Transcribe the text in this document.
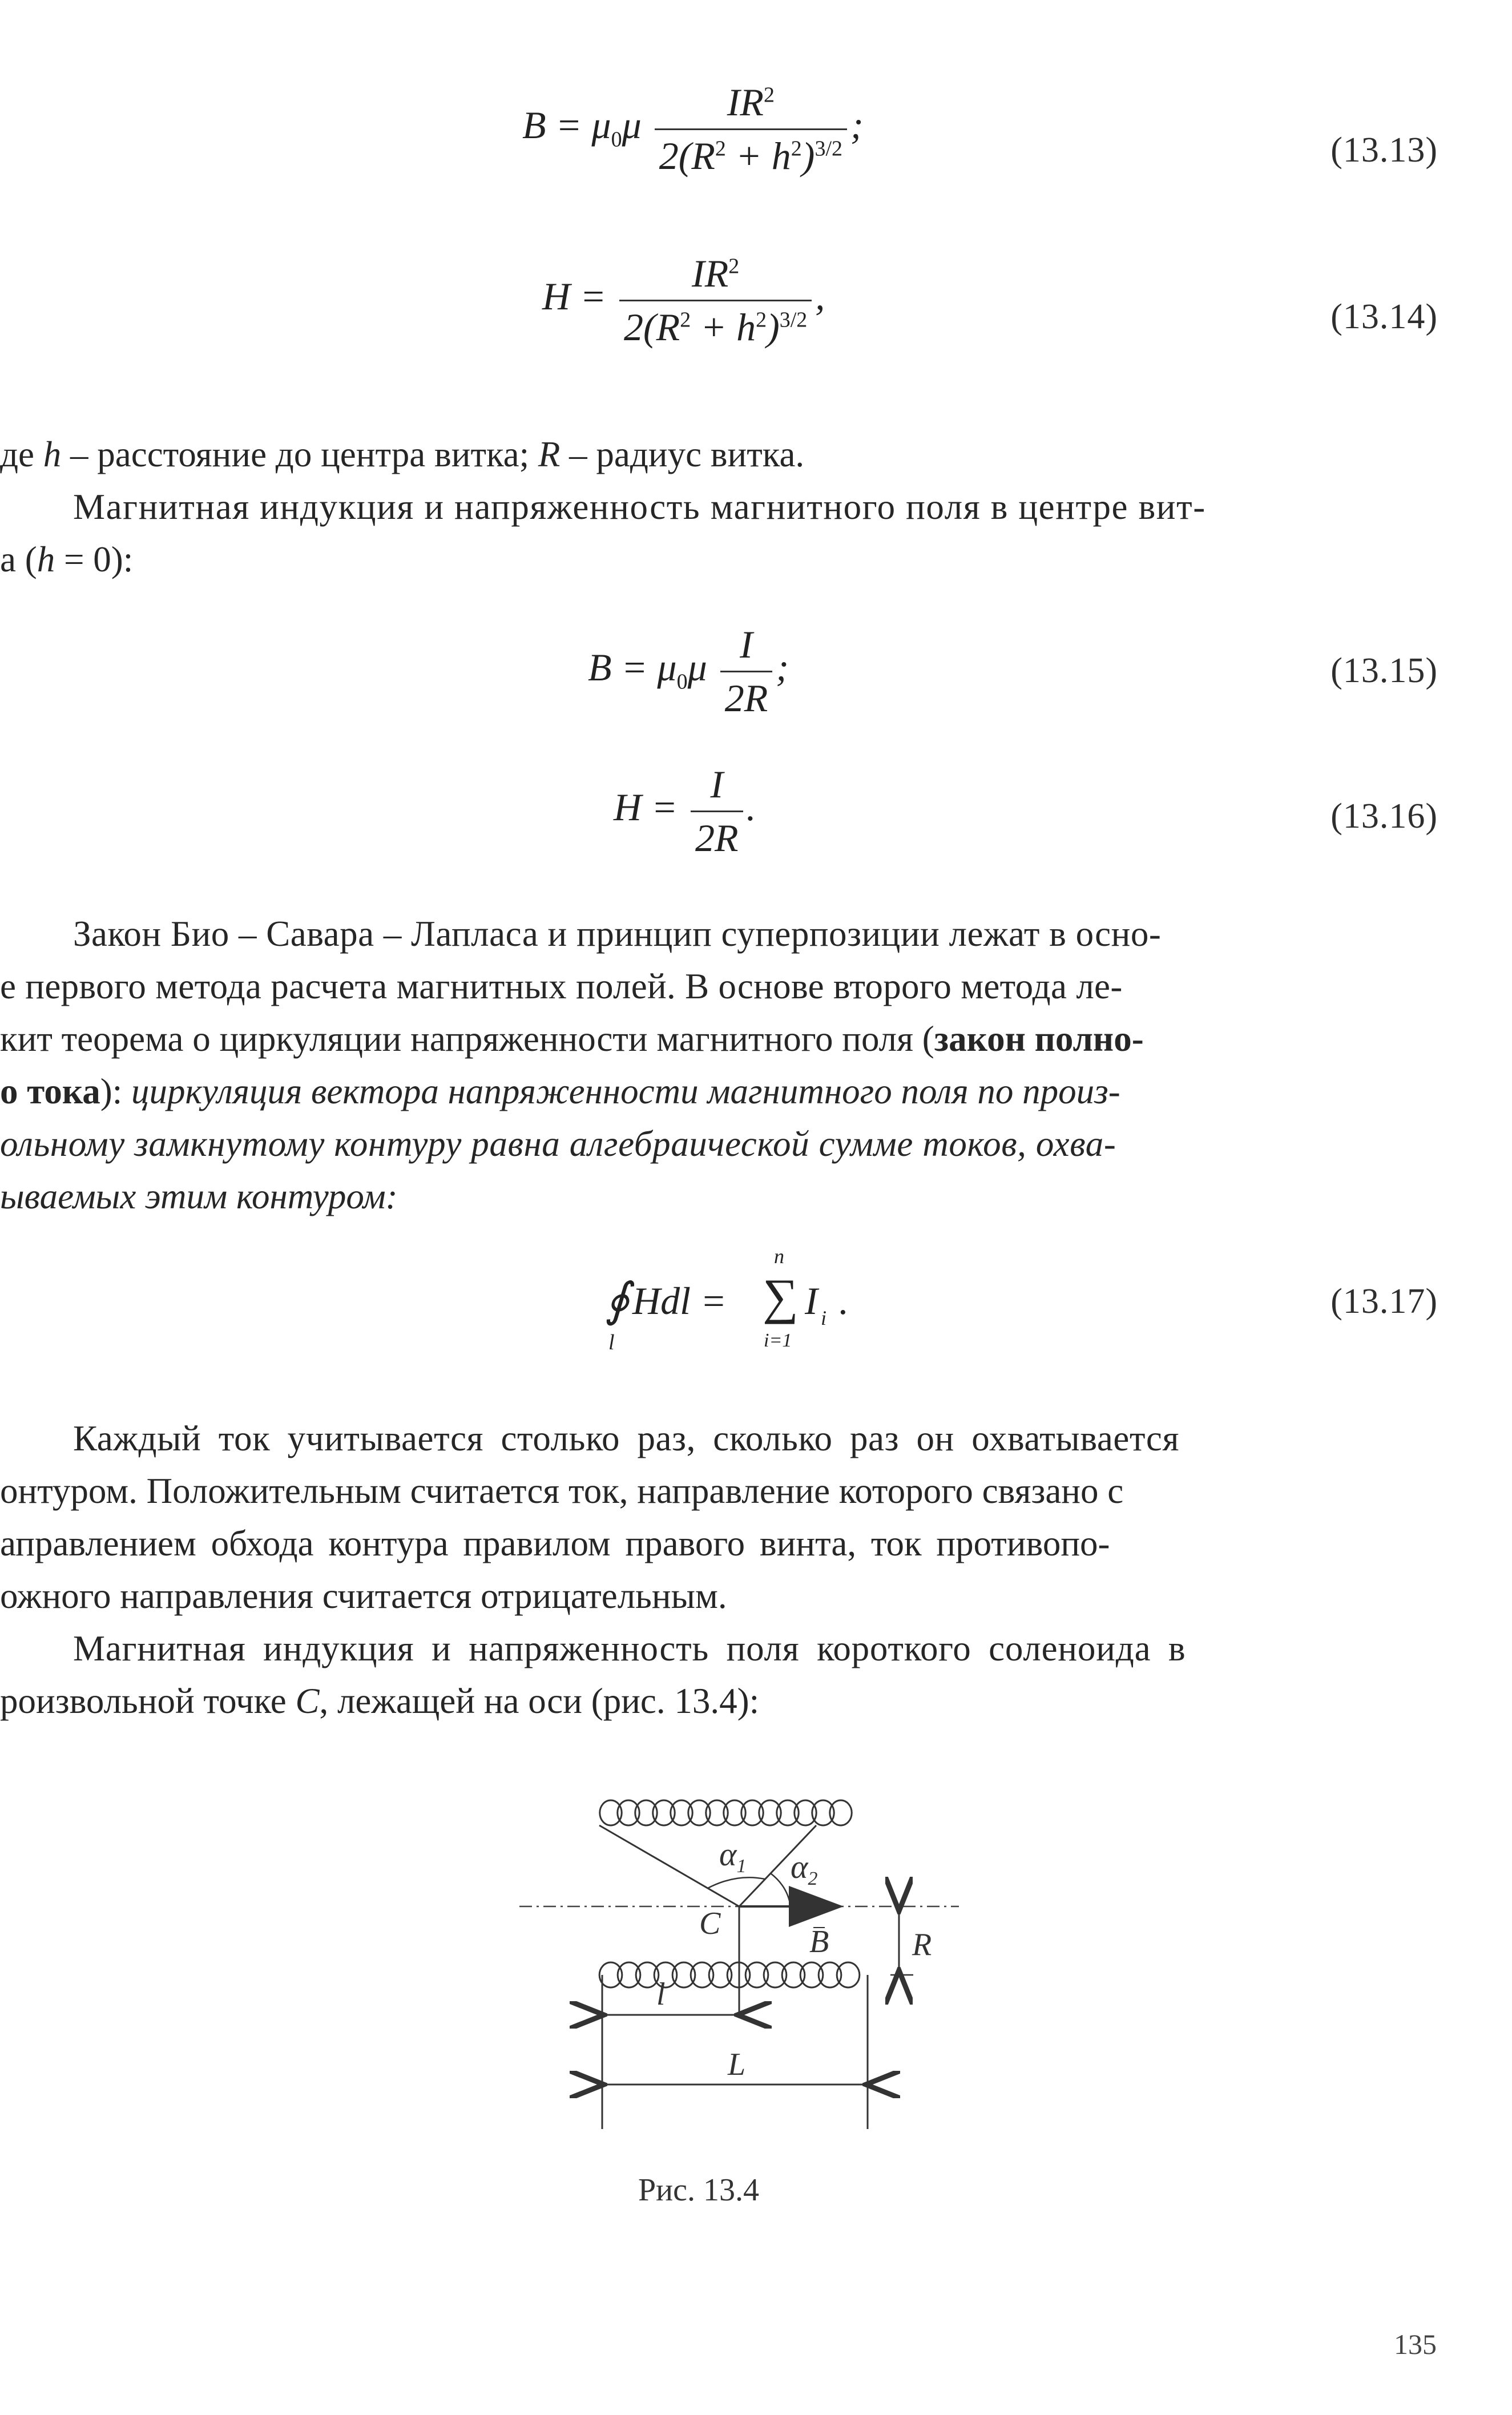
$B = \mu_0\mu \frac{IR^2}{2(R^2 + h^2)^{3/2}}$ ;
(13.13)
$H = \frac{IR^2}{2(R^2 + h^2)^{3/2}}$ ,	(13.14)
де h – расстояние до центра витка; R – радиус витка.
Магнитная индукция и напряженность магнитного поля в центре вит-
а (h = 0):
$B = \mu_0\mu \frac{I}{2R}$ ;	(13.15)
$H = \frac{I}{2R}$ .	(13.16)
Закон Био – Савара – Лапласа и принцип суперпозиции лежат в осно-
е первого метода расчета магнитных полей. В основе второго метода ле-
кит теорема о циркуляции напряженности магнитного поля (закон полно-
о тока): циркуляция вектора напряженности магнитного поля по произ-
ольному замкнутому контуру равна алгебраической сумме токов, охва-
ываемых этим контуром:
∮
l
Hdl =
n
∑
i=1
I i .	(13.17)
Каждый ток учитывается столько раз, сколько раз он охватывается
онтуром. Положительным считается ток, направление которого связано с
аправлением обхода контура правилом правого винта, ток противопо-
ожного направления считается отрицательным.
Магнитная индукция и напряженность поля короткого соленоида в
роизвольной точке C, лежащей на оси (рис. 13.4):
$\alpha_1$ $\alpha_2$
C
B	R
l
L
Рис. 13.4
135
